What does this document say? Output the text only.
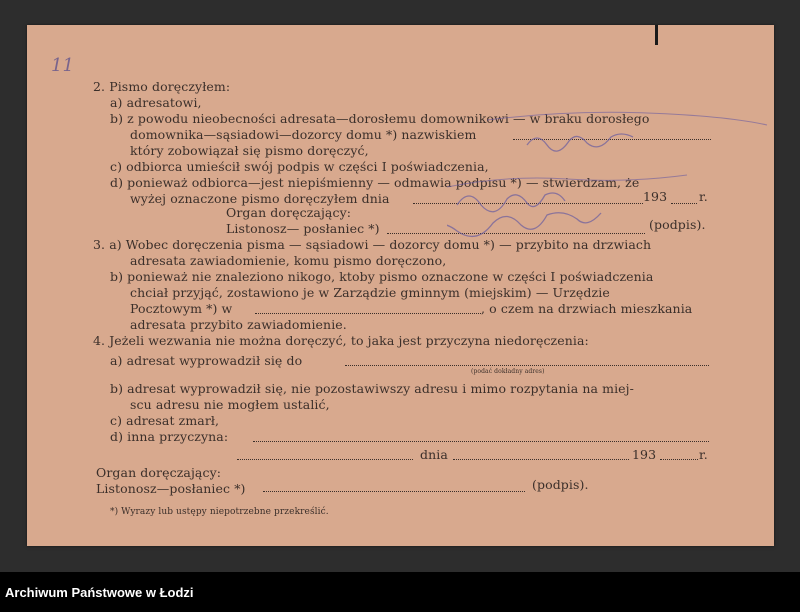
11
2. Pismo doręczyłem:
a) adresatowi,
b) z powodu nieobecności adresata—dorosłemu domownikowi — w braku dorosłego
domownika—sąsiadowi—dozorcy domu *) nazwiskiem
który zobowiązał się pismo doręczyć,
c) odbiorca umieścił swój podpis w części I poświadczenia,
d) ponieważ odbiorca—jest niepiśmienny — odmawia podpisu *) — stwierdzam, że
wyżej oznaczone pismo doręczyłem dnia	193	r.
Organ doręczający:
Listonosz— posłaniec *)	(podpis).
3. a) Wobec doręczenia pisma — sąsiadowi — dozorcy domu *) — przybito na drzwiach
adresata zawiadomienie, komu pismo doręczono,
b) ponieważ nie znaleziono nikogo, ktoby pismo oznaczone w części I poświadczenia
chciał przyjąć, zostawiono je w Zarządzie gminnym (miejskim) — Urzędzie
Pocztowym *) w	, o czem na drzwiach mieszkania
adresata przybito zawiadomienie.
4. Jeżeli wezwania nie można doręczyć, to jaka jest przyczyna niedoręczenia:
a) adresat wyprowadził się do
(podać dokładny adres)
b) adresat wyprowadził się, nie pozostawiwszy adresu i mimo rozpytania na miej-
scu adresu nie mogłem ustalić,
c) adresat zmarł,
d) inna przyczyna:
dnia	193	r.
Organ doręczający:
Listonosz—posłaniec *)	(podpis).
*) Wyrazy lub ustępy niepotrzebne przekreślić.
Archiwum Państwowe w Łodzi
